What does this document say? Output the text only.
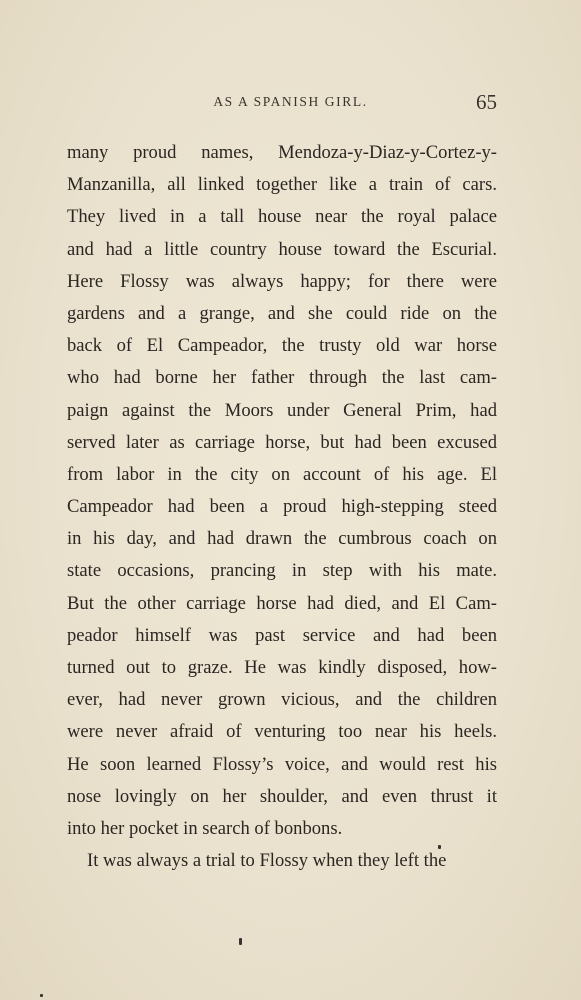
AS A SPANISH GIRL.	65
many proud names, Mendoza-y-Diaz-y-Cortez-y-
Manzanilla, all linked together like a train of cars.
They lived in a tall house near the royal palace
and had a little country house toward the Escurial.
Here Flossy was always happy; for there were
gardens and a grange, and she could ride on the
back of El Campeador, the trusty old war horse
who had borne her father through the last cam-
paign against the Moors under General Prim, had
served later as carriage horse, but had been excused
from labor in the city on account of his age. El
Campeador had been a proud high-stepping steed
in his day, and had drawn the cumbrous coach on
state occasions, prancing in step with his mate.
But the other carriage horse had died, and El Cam-
peador himself was past service and had been
turned out to graze. He was kindly disposed, how-
ever, had never grown vicious, and the children
were never afraid of venturing too near his heels.
He soon learned Flossy’s voice, and would rest his
nose lovingly on her shoulder, and even thrust it
into her pocket in search of bonbons.
It was always a trial to Flossy when they left the
